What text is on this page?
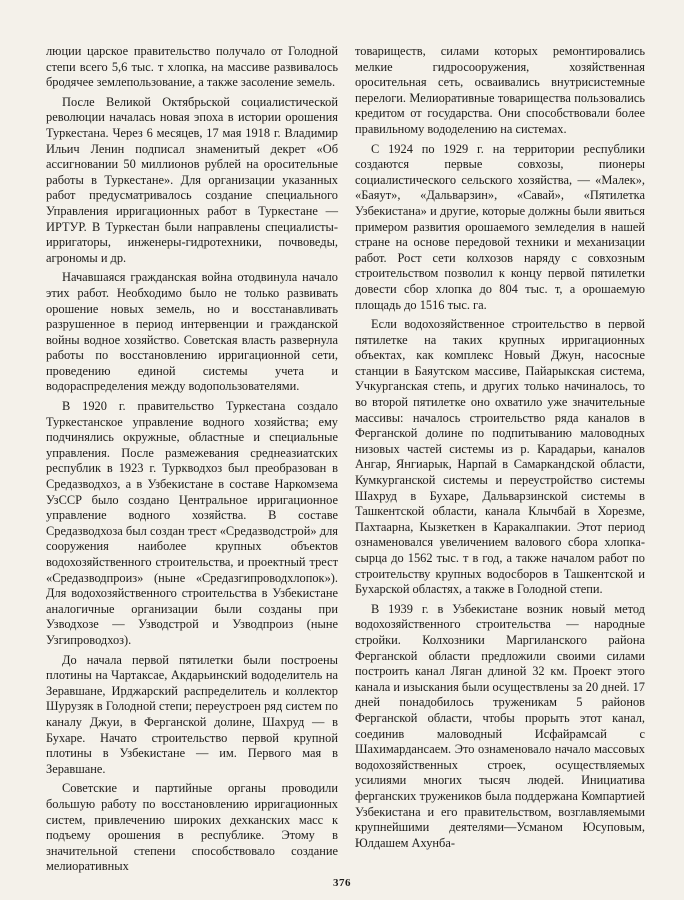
люции царское правительство получало от Голодной степи всего 5,6 тыс. т хлопка, на массиве развивалось бродячее землепользование, а также засоление земель.

После Великой Октябрьской социалистической революции началась новая эпоха в истории орошения Туркестана. Через 6 месяцев, 17 мая 1918 г. Владимир Ильич Ленин подписал знаменитый декрет «Об ассигновании 50 миллионов рублей на оросительные работы в Туркестане». Для организации указанных работ предусматривалось создание специального Управления ирригационных работ в Туркестане — ИРТУР. В Туркестан были направлены специалисты-ирригаторы, инженеры-гидротехники, почвоведы, агрономы и др.

Начавшаяся гражданская война отодвинула начало этих работ. Необходимо было не только развивать орошение новых земель, но и восстанавливать разрушенное в период интервенции и гражданской войны водное хозяйство. Советская власть развернула работы по восстановлению ирригационной сети, проведению единой системы учета и водораспределения между водопользователями.

В 1920 г. правительство Туркестана создало Туркестанское управление водного хозяйства; ему подчинялись окружные, областные и специальные управления. После размежевания среднеазиатских республик в 1923 г. Туркводхоз был преобразован в Средазводхоз, а в Узбекистане в составе Наркомзема УзССР было создано Центральное ирригационное управление водного хозяйства. В составе Средазводхоза был создан трест «Средазводстрой» для сооружения наиболее крупных объектов водохозяйственного строительства, и проектный трест «Средазводпроиз» (ныне «Средазгипроводхлопок»). Для водохозяйственного строительства в Узбекистане аналогичные организации были созданы при Узводхозе — Узводстрой и Узводпроиз (ныне Узгипроводхоз).

До начала первой пятилетки были построены плотины на Чартаксае, Акдарьинский вододелитель на Зеравшане, Ирджарский распределитель и коллектор Шурузяк в Голодной степи; переустроен ряд систем по каналу Джуи, в Ферганской долине, Шахруд — в Бухаре. Начато строительство первой крупной плотины в Узбекистане — им. Первого мая в Зеравшане.

Советские и партийные органы проводили большую работу по восстановлению ирригационных систем, привлечению широких дехканских масс к подъему орошения в республике. Этому в значительной степени способствовало создание мелиоративных

товариществ, силами которых ремонтировались мелкие гидросооружения, хозяйственная оросительная сеть, осваивались внутрисистемные перелоги. Мелиоративные товарищества пользовались кредитом от государства. Они способствовали более правильному вододелению на системах.

С 1924 по 1929 г. на территории республики создаются первые совхозы, пионеры социалистического сельского хозяйства, — «Малек», «Баяут», «Дальварзин», «Савай», «Пятилетка Узбекистана» и другие, которые должны были явиться примером развития орошаемого земледелия в нашей стране на основе передовой техники и механизации работ. Рост сети колхозов наряду с совхозным строительством позволил к концу первой пятилетки довести сбор хлопка до 804 тыс. т, а орошаемую площадь до 1516 тыс. га.

Если водохозяйственное строительство в первой пятилетке на таких крупных ирригационных объектах, как комплекс Новый Джун, насосные станции в Баяутском массиве, Пайарыкская система, Учкурганская степь, и других только начиналось, то во второй пятилетке оно охватило уже значительные массивы: началось строительство ряда каналов в Ферганской долине по подпитыванию маловодных низовых частей системы из р. Карадарьи, каналов Ангар, Янгиарык, Нарпай в Самаркандской области, Кумкурганской системы и переустройство системы Шахруд в Бухаре, Дальварзинской системы в Ташкентской области, канала Клычбай в Хорезме, Пахтаарна, Кызкеткен в Каракалпакии. Этот период ознаменовался увеличением валового сбора хлопка-сырца до 1562 тыс. т в год, а также началом работ по строительству крупных водосборов в Ташкентской и Бухарской областях, а также в Голодной степи.

В 1939 г. в Узбекистане возник новый метод водохозяйственного строительства — народные стройки. Колхозники Маргиланского района Ферганской области предложили своими силами построить канал Ляган длиной 32 км. Проект этого канала и изыскания были осуществлены за 20 дней. 17 дней понадобилось труженикам 5 районов Ферганской области, чтобы прорыть этот канал, соединив маловодный Исфайрамсай с Шахимардансаем. Это ознаменовало начало массовых водохозяйственных строек, осуществляемых усилиями многих тысяч людей. Инициатива ферганских тружеников была поддержана Компартией Узбекистана и его правительством, возглавляемыми крупнейшими деятелями—Усманом Юсуповым, Юлдашем Ахунба-

376
